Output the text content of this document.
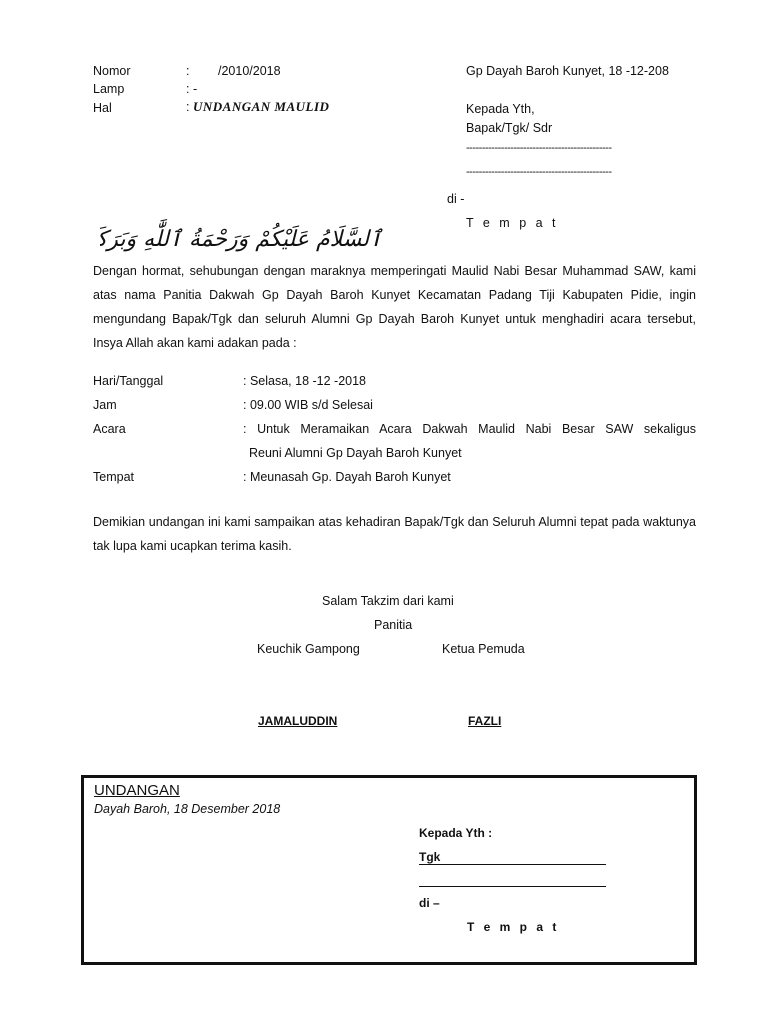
Nomor	: /2010/2018
Lamp	: -
Hal	: UNDANGAN MAULID
Gp Dayah Baroh Kunyet, 18 -12-208
Kepada Yth,
Bapak/Tgk/ Sdr
----------------------------------------------
----------------------------------------------
di -
T e m p a t
ٱلسَّلَامُ عَلَيْكُمْ وَرَحْمَةُ ٱللَّٰهِ وَبَرَكَاتُهُ
Dengan hormat, sehubungan dengan maraknya memperingati Maulid Nabi Besar Muhammad SAW, kami atas nama Panitia Dakwah Gp Dayah Baroh Kunyet Kecamatan Padang Tiji Kabupaten Pidie, ingin mengundang Bapak/Tgk dan seluruh Alumni Gp Dayah Baroh Kunyet untuk menghadiri acara tersebut, Insya Allah akan kami adakan pada :
Hari/Tanggal	: Selasa, 18 -12 -2018
Jam	: 09.00 WIB s/d Selesai
Acara	: Untuk Meramaikan Acara Dakwah Maulid Nabi Besar SAW sekaligus
Reuni Alumni Gp Dayah Baroh Kunyet
Tempat	: Meunasah Gp. Dayah Baroh Kunyet
Demikian undangan ini kami sampaikan atas kehadiran Bapak/Tgk dan Seluruh Alumni tepat pada waktunya tak lupa kami ucapkan terima kasih.
Salam Takzim dari kami
Panitia
Keuchik Gampong	Ketua Pemuda
JAMALUDDIN	FAZLI
UNDANGAN
Dayah Baroh, 18 Desember 2018
Kepada Yth :
Tgk
di –
T e m p a t
